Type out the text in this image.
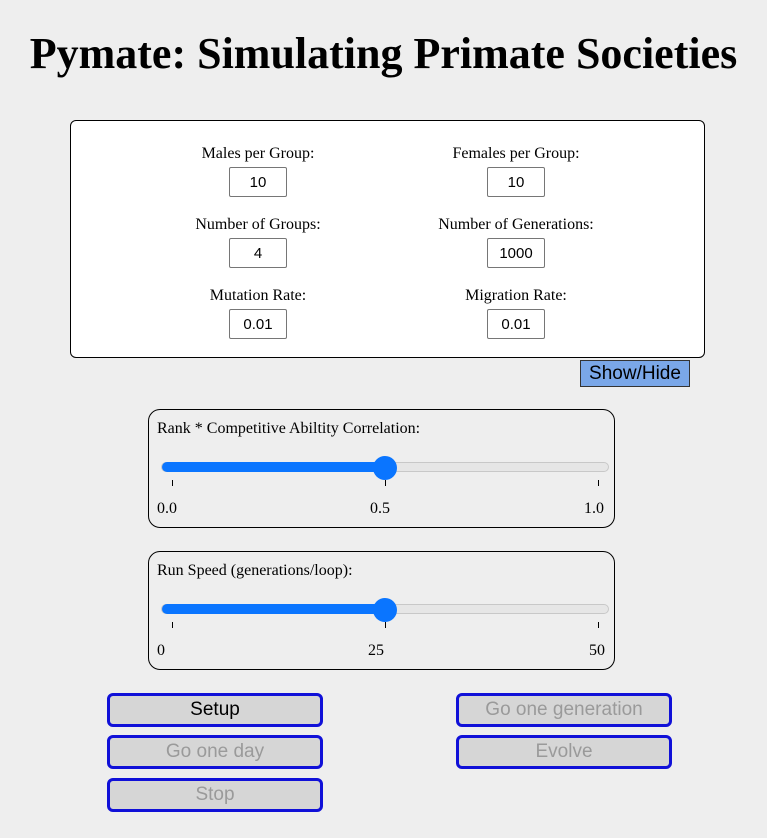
Pymate: Simulating Primate Societies
Males per Group:
10	Females per Group:
10
Number of Groups:
4	Number of Generations:
1000
Mutation Rate:
0.01	Migration Rate:
0.01
Show/Hide
Rank * Competitive Abiltity Correlation:
0.0	0.5	1.0
Run Speed (generations/loop):
0	25	50
Setup
Go one day
Stop
Go one generation
Evolve
